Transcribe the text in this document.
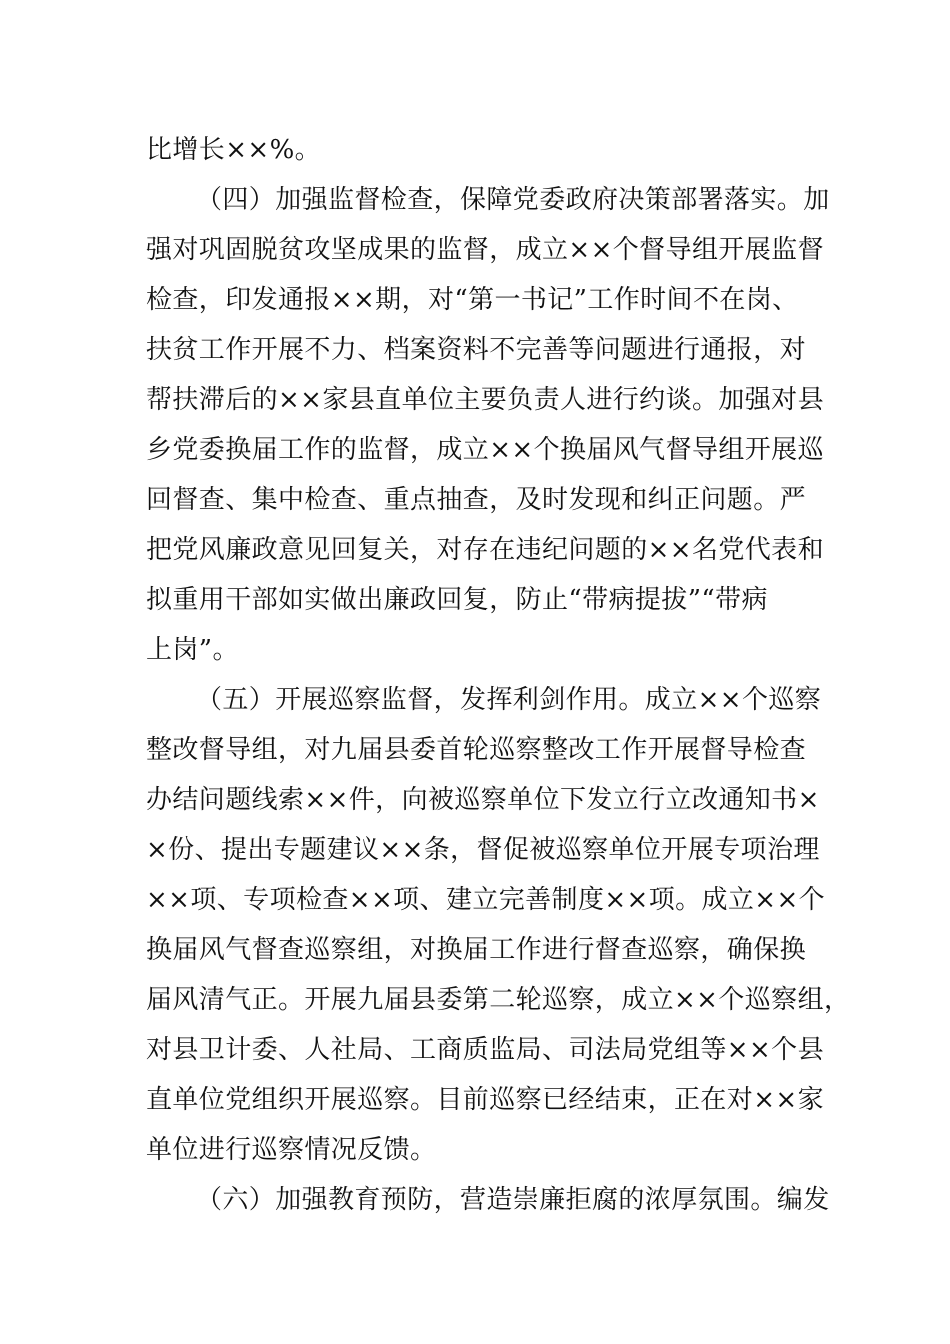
比增长××%。
（四）加强监督检查，保障党委政府决策部署落实。加
强对巩固脱贫攻坚成果的监督，成立××个督导组开展监督
检查，印发通报××期，对“第一书记”工作时间不在岗、
扶贫工作开展不力、档案资料不完善等问题进行通报，对
帮扶滞后的××家县直单位主要负责人进行约谈。加强对县
乡党委换届工作的监督，成立××个换届风气督导组开展巡
回督查、集中检查、重点抽查，及时发现和纠正问题。严
把党风廉政意见回复关，对存在违纪问题的××名党代表和
拟重用干部如实做出廉政回复，防止“带病提拔”“带病
上岗”。
（五）开展巡察监督，发挥利剑作用。成立××个巡察
整改督导组，对九届县委首轮巡察整改工作开展督导检查
办结问题线索××件，向被巡察单位下发立行立改通知书×
×份、提出专题建议××条，督促被巡察单位开展专项治理
××项、专项检查××项、建立完善制度××项。成立××个
换届风气督查巡察组，对换届工作进行督查巡察，确保换
届风清气正。开展九届县委第二轮巡察，成立××个巡察组，
对县卫计委、人社局、工商质监局、司法局党组等××个县
直单位党组织开展巡察。目前巡察已经结束，正在对××家
单位进行巡察情况反馈。
（六）加强教育预防，营造崇廉拒腐的浓厚氛围。编发
